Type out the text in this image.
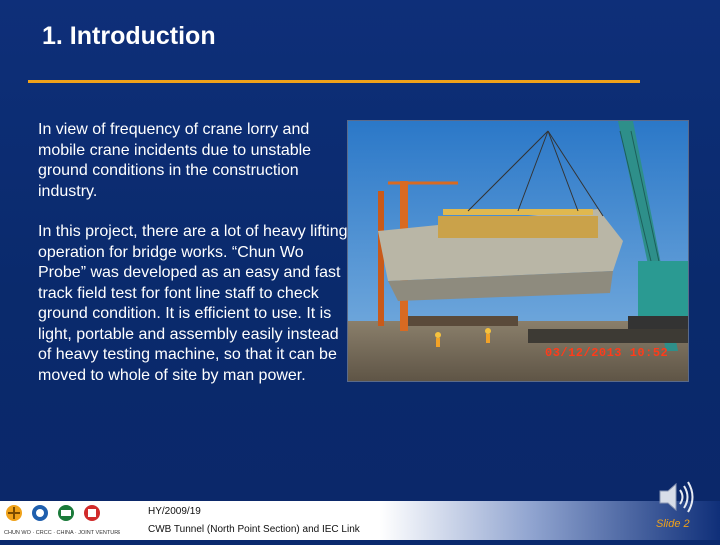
1. Introduction

In view of frequency of crane lorry and mobile crane incidents due to unstable ground conditions in the construction industry.

In this project, there are a lot of heavy lifting operation for bridge works. “Chun Wo Probe” was developed as an easy and fast track field test for font line staff to check ground condition. It is efficient to use. It is light, portable and assembly easily instead of heavy testing machine, so that it can be moved to whole of site by man power.

03/12/2013 10:52
CHUN WO · CRCC · CHINA · JOINT VENTURE
HY/2009/19
CWB Tunnel (North Point Section) and IEC Link	Slide 2
